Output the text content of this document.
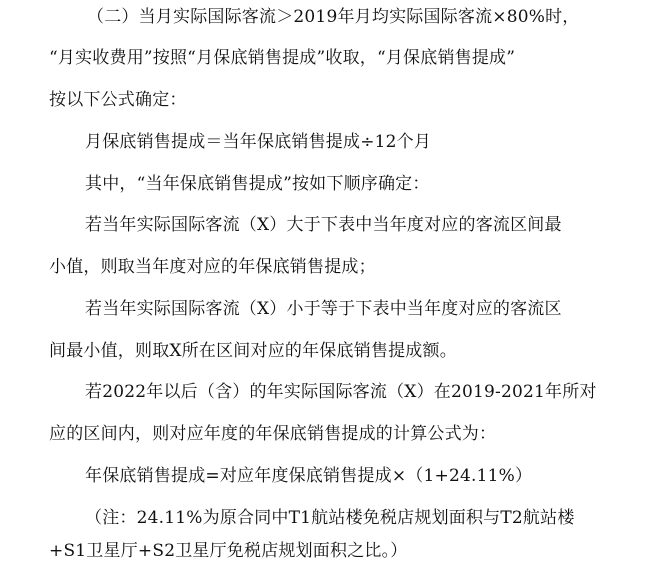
（二）当月实际国际客流＞2019年月均实际国际客流×80%时，
“月实收费用”按照“月保底销售提成”收取，“月保底销售提成”
按以下公式确定：
月保底销售提成＝当年保底销售提成÷12个月
其中，“当年保底销售提成”按如下顺序确定：
若当年实际国际客流（X）大于下表中当年度对应的客流区间最
小值，则取当年度对应的年保底销售提成；
若当年实际国际客流（X）小于等于下表中当年度对应的客流区
间最小值，则取X所在区间对应的年保底销售提成额。
若2022年以后（含）的年实际国际客流（X）在2019-2021年所对
应的区间内，则对应年度的年保底销售提成的计算公式为：
年保底销售提成=对应年度保底销售提成×（1+24.11%）
（注：24.11%为原合同中T1航站楼免税店规划面积与T2航站楼
+S1卫星厅+S2卫星厅免税店规划面积之比。）
